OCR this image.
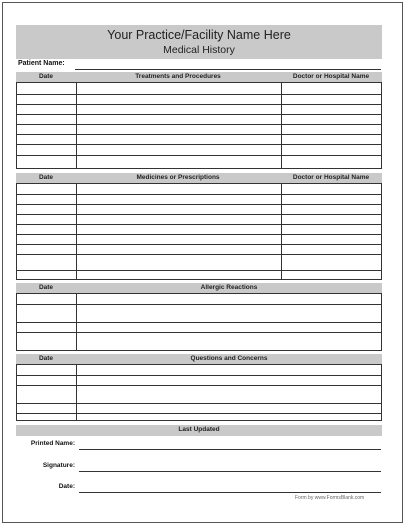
Your Practice/Facility Name Here
Medical History
Patient Name:
Date	Treatments and Procedures	Doctor or Hospital Name
Date	Medicines or Prescriptions	Doctor or Hospital Name
Date	Allergic Reactions
Date	Questions and Concerns
Last Updated
Printed Name:
Signature:
Date:
Form by www.FormsBlank.com
